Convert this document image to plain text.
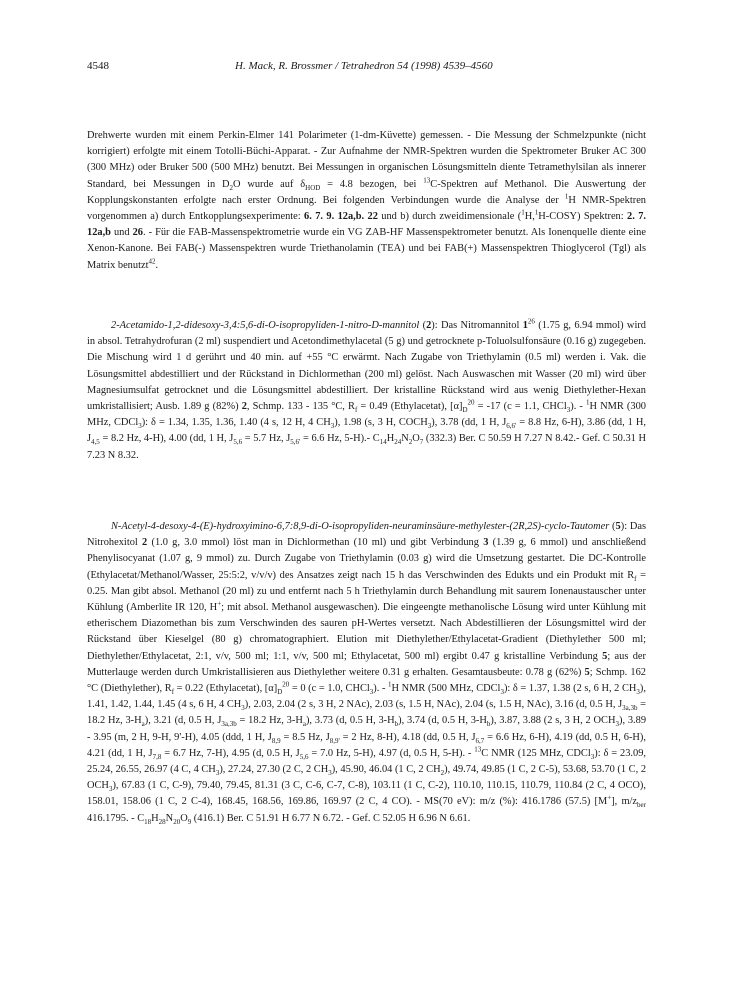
4548	H. Mack, R. Brossmer / Tetrahedron 54 (1998) 4539–4560

Drehwerte wurden mit einem Perkin-Elmer 141 Polarimeter (1-dm-Küvette) gemessen. - Die Messung der Schmelzpunkte (nicht korrigiert) erfolgte mit einem Totolli-Büchi-Apparat. - Zur Aufnahme der NMR-Spektren wurden die Spektrometer Bruker AC 300 (300 MHz) oder Bruker 500 (500 MHz) benutzt. Bei Messungen in organischen Lösungsmitteln diente Tetramethylsilan als innerer Standard, bei Messungen in $D_2O$ wurde auf $\delta_{HOD} = 4.8$ bezogen, bei $^{13}$C-Spektren auf Methanol. Die Auswertung der Kopplungskonstanten erfolgte nach erster Ordnung. Bei folgenden Verbindungen wurde die Analyse der $^1$H NMR-Spektren vorgenommen a) durch Entkopplungsexperimente: 6. 7. 9. 12a,b. 22 und b) durch zweidimensionale ($^1$H,$^1$H-COSY) Spektren: 2. 7. 12a,b und 26. - Für die FAB-Massenspektrometrie wurde ein VG ZAB-HF Massenspektrometer benutzt. Als Ionenquelle diente eine Xenon-Kanone. Bei FAB(-) Massenspektren wurde Triethanolamin (TEA) und bei FAB(+) Massenspektren Thioglycerol (Tgl) als Matrix benutzt$^{42}$.

2-Acetamido-1,2-didesoxy-3,4:5,6-di-O-isopropyliden-1-nitro-D-mannitol (2): Das Nitromannitol $1^{26}$ (1.75 g, 6.94 mmol) wird in absol. Tetrahydrofuran (2 ml) suspendiert und Acetondimethylacetal (5 g) und getrocknete p-Toluolsulfonsäure (0.16 g) zugegeben. Die Mischung wird 1 d gerührt und 40 min. auf +55 °C erwärmt. Nach Zugabe von Triethylamin (0.5 ml) werden i. Vak. die Lösungsmittel abdestilliert und der Rückstand in Dichlormethan (200 ml) gelöst. Nach Auswaschen mit Wasser (20 ml) wird über Magnesiumsulfat getrocknet und die Lösungsmittel abdestilliert. Der kristalline Rückstand wird aus wenig Diethylether-Hexan umkristallisiert; Ausb. 1.89 g (82%) 2, Schmp. 133 - 135 °C, $R_f = 0.49$ (Ethylacetat), $[\alpha]_D^{20} = -17$ (c = 1.1, CHCl$_3$). - $^1$H NMR (300 MHz, CDCl$_3$): δ = 1.34, 1.35, 1.36, 1.40 (4 s, 12 H, 4 $CH_3$), 1.98 (s, 3 H, $COCH_3$), 3.78 (dd, 1 H, $J_{6,6'} = 8.8$ Hz, 6-H), 3.86 (dd, 1 H, $J_{4,5} = 8.2$ Hz, 4-H), 4.00 (dd, 1 H, $J_{5,6} = 5.7$ Hz, $J_{5,6'} = 6.6$ Hz, 5-H).- $C_{14}H_{24}N_2O_7$ (332.3) Ber. C 50.59 H 7.27 N 8.42.- Gef. C 50.31 H 7.23 N 8.32.

N-Acetyl-4-desoxy-4-(E)-hydroxyimino-6,7:8,9-di-O-isopropyliden-neuraminsäure-methylester-(2R,2S)-cyclo-Tautomer (5): Das Nitrohexitol 2 (1.0 g, 3.0 mmol) löst man in Dichlormethan (10 ml) und gibt Verbindung 3 (1.39 g, 6 mmol) und anschließend Phenylisocyanat (1.07 g, 9 mmol) zu. Durch Zugabe von Triethylamin (0.03 g) wird die Umsetzung gestartet. Die DC-Kontrolle (Ethylacetat/Methanol/Wasser, 25:5:2, v/v/v) des Ansatzes zeigt nach 15 h das Verschwinden des Edukts und ein Produkt mit $R_f = 0.25$. Man gibt absol. Methanol (20 ml) zu und entfernt nach 5 h Triethylamin durch Behandlung mit saurem Ionenaustauscher unter Kühlung (Amberlite IR 120, H+; mit absol. Methanol ausgewaschen). Die eingeengte methanolische Lösung wird unter Kühlung mit etherischem Diazomethan bis zum Verschwinden des sauren pH-Wertes versetzt. Nach Abdestillieren der Lösungsmittel wird der Rückstand über Kieselgel (80 g) chromatographiert. Elution mit Diethylether/Ethylacetat-Gradient (Diethylether 500 ml; Diethylether/Ethylacetat, 2:1, v/v, 500 ml; 1:1, v/v, 500 ml; Ethylacetat, 500 ml) ergibt 0.47 g kristalline Verbindung 5; aus der Mutterlauge werden durch Umkristallisieren aus Diethylether weitere 0.31 g erhalten. Gesamtausbeute: 0.78 g (62%) 5; Schmp. 162 °C (Diethylether), $R_f = 0.22$ (Ethylacetat), $[\alpha]_D^{20} = 0$ (c = 1.0, CHCl$_3$). - $^1$H NMR (500 MHz, CDCl$_3$): δ = 1.37, 1.38 (2 s, 6 H, 2 $CH_3$), 1.41, 1.42, 1.44, 1.45 (4 s, 6 H, 4 $CH_3$), 2.03, 2.04 (2 s, 3 H, 2 NAc), 2.03 (s, 1.5 H, NAc), 2.04 (s, 1.5 H, NAc), 3.16 (d, 0.5 H, $J_{3a,3b} = 18.2$ Hz, $3-H_a$), 3.21 (d, 0.5 H, $J_{3a,3b} = 18.2$ Hz, $3-H_a$), 3.73 (d, 0.5 H, $3-H_b$), 3.74 (d, 0.5 H, $3-H_b$), 3.87, 3.88 (2 s, 3 H, 2 $OCH_3$), 3.89 - 3.95 (m, 2 H, 9-H, 9'-H), 4.05 (ddd, 1 H, $J_{8,9} = 8.5$ Hz, $J_{8,9'} = 2$ Hz, 8-H), 4.18 (dd, 0.5 H, $J_{6,7} = 6.6$ Hz, 6-H), 4.19 (dd, 0.5 H, 6-H), 4.21 (dd, 1 H, $J_{7,8} = 6.7$ Hz, 7-H), 4.95 (d, 0.5 H, $J_{5,6} = 7.0$ Hz, 5-H), 4.97 (d, 0.5 H, 5-H). - $^{13}$C NMR (125 MHz, CDCl$_3$): δ = 23.09, 25.24, 26.55, 26.97 (4 C, 4 $CH_3$), 27.24, 27.30 (2 C, 2 $CH_3$), 45.90, 46.04 (1 C, 2 $CH_2$), 49.74, 49.85 (1 C, 2 C-5), 53.68, 53.70 (1 C, 2 $OCH_3$), 67.83 (1 C, C-9), 79.40, 79.45, 81.31 (3 C, C-6, C-7, C-8), 103.11 (1 C, C-2), 110.10, 110.15, 110.79, 110.84 (2 C, 4 OCO), 158.01, 158.06 (1 C, 2 C-4), 168.45, 168.56, 169.86, 169.97 (2 C, 4 CO). - MS(70 eV): m/z (%): 416.1786 (57.5) [M+], $m/z_{ber}$ 416.1795. - $C_{18}H_{28}N_{20}O_9$ (416.1) Ber. C 51.91 H 6.77 N 6.72. - Gef. C 52.05 H 6.96 N 6.61.
